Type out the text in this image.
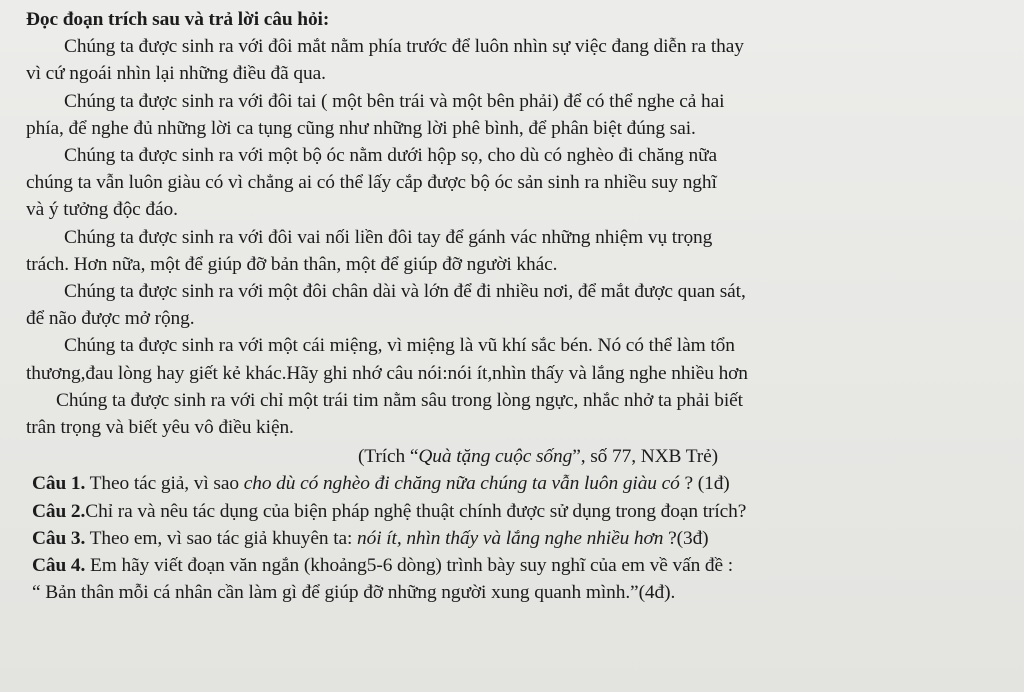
Đọc đoạn trích sau và trả lời câu hỏi:
Chúng ta được sinh ra với đôi mắt nằm phía trước để luôn nhìn sự việc đang diễn ra thay
vì cứ ngoái nhìn lại những điều đã qua.
Chúng ta được sinh ra với đôi tai ( một bên trái và một bên phải) để có thể nghe cả hai
phía, để nghe đủ những lời ca tụng cũng như những lời phê bình, để phân biệt đúng sai.
Chúng ta được sinh ra với một bộ óc nằm dưới hộp sọ, cho dù có nghèo đi chăng nữa
chúng ta vẫn luôn giàu có vì chẳng ai có thể lấy cắp được bộ óc sản sinh ra nhiều suy nghĩ
và ý tưởng độc đáo.
Chúng ta được sinh ra với đôi vai nối liền đôi tay để gánh vác những nhiệm vụ trọng
trách. Hơn nữa, một để giúp đỡ bản thân, một để giúp đỡ người khác.
Chúng ta được sinh ra với một đôi chân dài và lớn để đi nhiều nơi, để mắt được quan sát,
để não được mở rộng.
Chúng ta được sinh ra với một cái miệng, vì miệng là vũ khí sắc bén. Nó có thể làm tổn
thương,đau lòng hay giết kẻ khác.Hãy ghi nhớ câu nói:nói ít,nhìn thấy và lắng nghe nhiều hơn
Chúng ta được sinh ra với chỉ một trái tim nằm sâu trong lòng ngực, nhắc nhở ta phải biết
trân trọng và biết yêu vô điều kiện.
(Trích “Quà tặng cuộc sống”, số 77, NXB Trẻ)
Câu 1. Theo tác giả, vì sao cho dù có nghèo đi chăng nữa chúng ta vẫn luôn giàu có ? (1đ)
Câu 2.Chỉ ra và nêu tác dụng của biện pháp nghệ thuật chính được sử dụng trong đoạn trích?
Câu 3. Theo em, vì sao tác giả khuyên ta: nói ít, nhìn thấy và lắng nghe nhiều hơn ?(3đ)
Câu 4. Em hãy viết đoạn văn ngắn (khoảng5-6 dòng) trình bày suy nghĩ của em về vấn đề :
“ Bản thân mỗi cá nhân cần làm gì để giúp đỡ những người xung quanh mình.”(4đ).
